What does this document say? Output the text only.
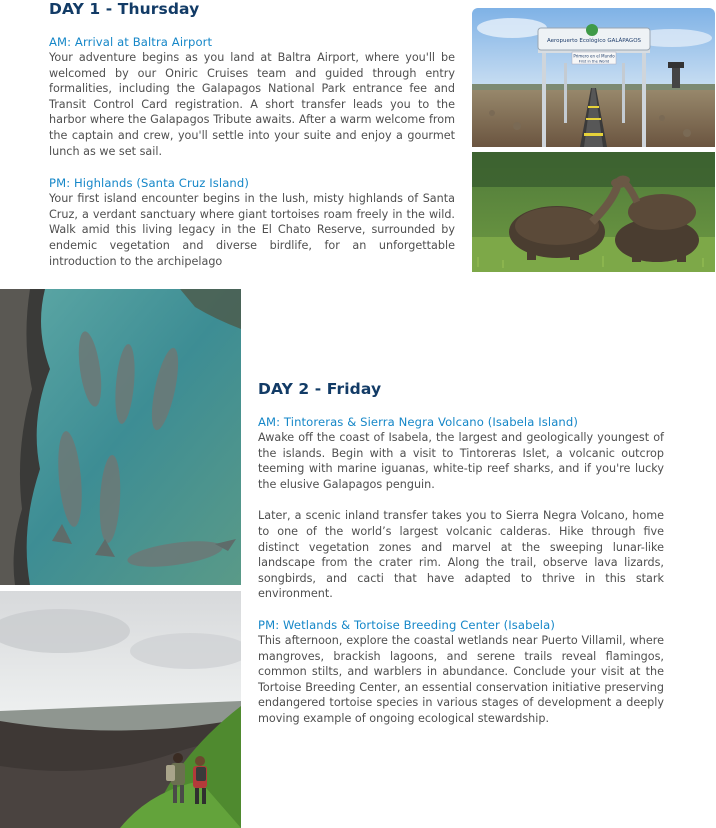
DAY 1 - Thursday
AM: Arrival at Baltra Airport

Your adventure begins as you land at Baltra Airport, where you'll be welcomed by our Oniric Cruises team and guided through entry formalities, including the Galapagos National Park entrance fee and Transit Control Card registration. A short transfer leads you to the harbor where the Galapagos Tribute awaits. After a warm welcome from the captain and crew, you'll settle into your suite and enjoy a gourmet lunch as we set sail.

PM: Highlands (Santa Cruz Island)

Your first island encounter begins in the lush, misty highlands of Santa Cruz, a verdant sanctuary where giant tortoises roam freely in the wild. Walk amid this living legacy in the El Chato Reserve, surrounded by endemic vegetation and diverse birdlife, for an unforgettable introduction to the archipelago

Aeropuerto Ecológico GALÁPAGOS
Primero en el Mundo
First in the World
DAY 2 - Friday
AM: Tintoreras & Sierra Negra Volcano (Isabela Island)

Awake off the coast of Isabela, the largest and geologically youngest of the islands. Begin with a visit to Tintoreras Islet, a volcanic outcrop teeming with marine iguanas, white-tip reef sharks, and if you're lucky the elusive Galapagos penguin.

Later, a scenic inland transfer takes you to Sierra Negra Volcano, home to one of the world’s largest volcanic calderas. Hike through five distinct vegetation zones and marvel at the sweeping lunar-like landscape from the crater rim. Along the trail, observe lava lizards, songbirds, and cacti that have adapted to thrive in this stark environment.

PM: Wetlands & Tortoise Breeding Center (Isabela)

This afternoon, explore the coastal wetlands near Puerto Villamil, where mangroves, brackish lagoons, and serene trails reveal flamingos, common stilts, and warblers in abundance. Conclude your visit at the Tortoise Breeding Center, an essential conservation initiative preserving endangered tortoise species in various stages of development a deeply moving example of ongoing ecological stewardship.
